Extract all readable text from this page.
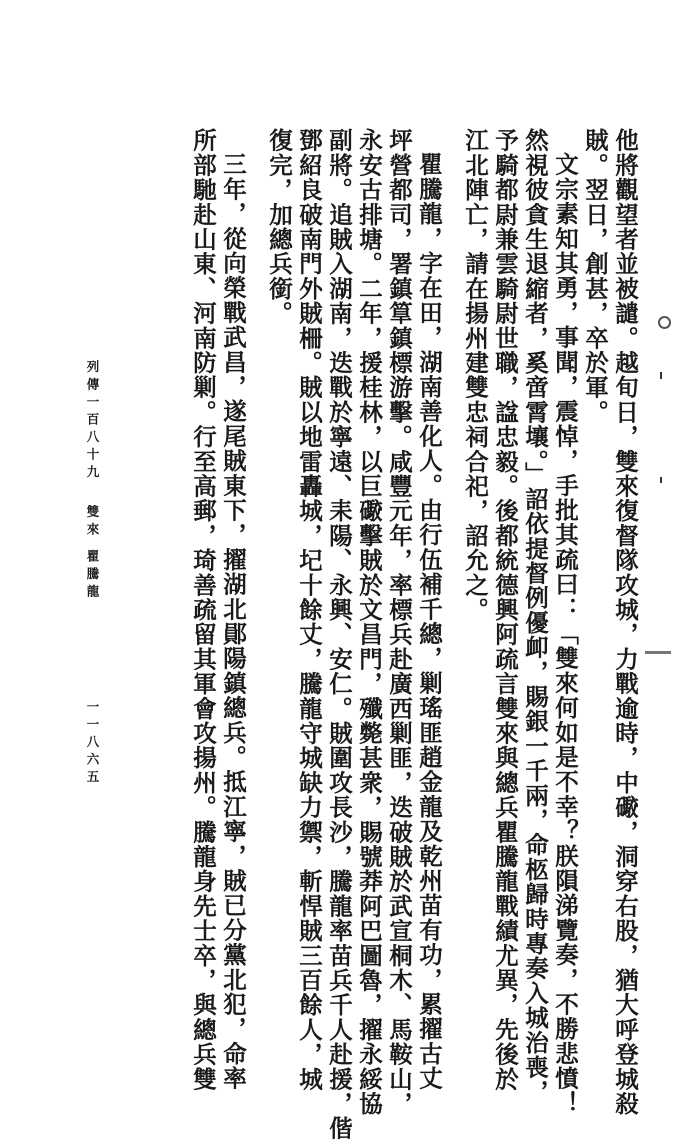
他將觀望者並被譴。越旬日，雙來復督隊攻城，力戰逾時，中礮，洞穿右股，猶大呼登城殺
賊。翌日，創甚，卒於軍。
文宗素知其勇，事聞，震悼，手批其疏曰：「雙來何如是不幸？朕隕涕覽奏，不勝悲憤！
然視彼貪生退縮者，奚啻霄壤。」詔依提督例優卹，賜銀一千兩，命柩歸時專奏入城治喪，
予騎都尉兼雲騎尉世職，諡忠毅。後都統德興阿疏言雙來與總兵瞿騰龍戰績尤異，先後於
江北陣亡，請在揚州建雙忠祠合祀，詔允之。
瞿騰龍，字在田，湖南善化人。由行伍補千總，剿瑤匪趙金龍及乾州苗有功，累擢古丈
坪營都司，署鎮筸鎮標游擊。咸豐元年，率標兵赴廣西剿匪，迭破賊於武宣桐木、馬鞍山，
永安古排塘。二年，援桂林，以巨礮擊賊於文昌門，殲斃甚衆，賜號莽阿巴圖魯，擢永綏協
副將。追賊入湖南，迭戰於寧遠、耒陽、永興、安仁。賊圍攻長沙，騰龍率苗兵千人赴援，偕
鄧紹良破南門外賊柵。賊以地雷轟城，圮十餘丈，騰龍守城缺力禦，斬悍賊三百餘人，城
復完，加總兵銜。
三年，從向榮戰武昌，遂尾賊東下，擢湖北鄖陽鎮總兵。抵江寧，賊已分黨北犯，命率
所部馳赴山東、河南防剿。行至高郵，琦善疏留其軍會攻揚州。騰龍身先士卒，與總兵雙
列傳一百八十九
雙來 瞿騰龍
一一八六五
